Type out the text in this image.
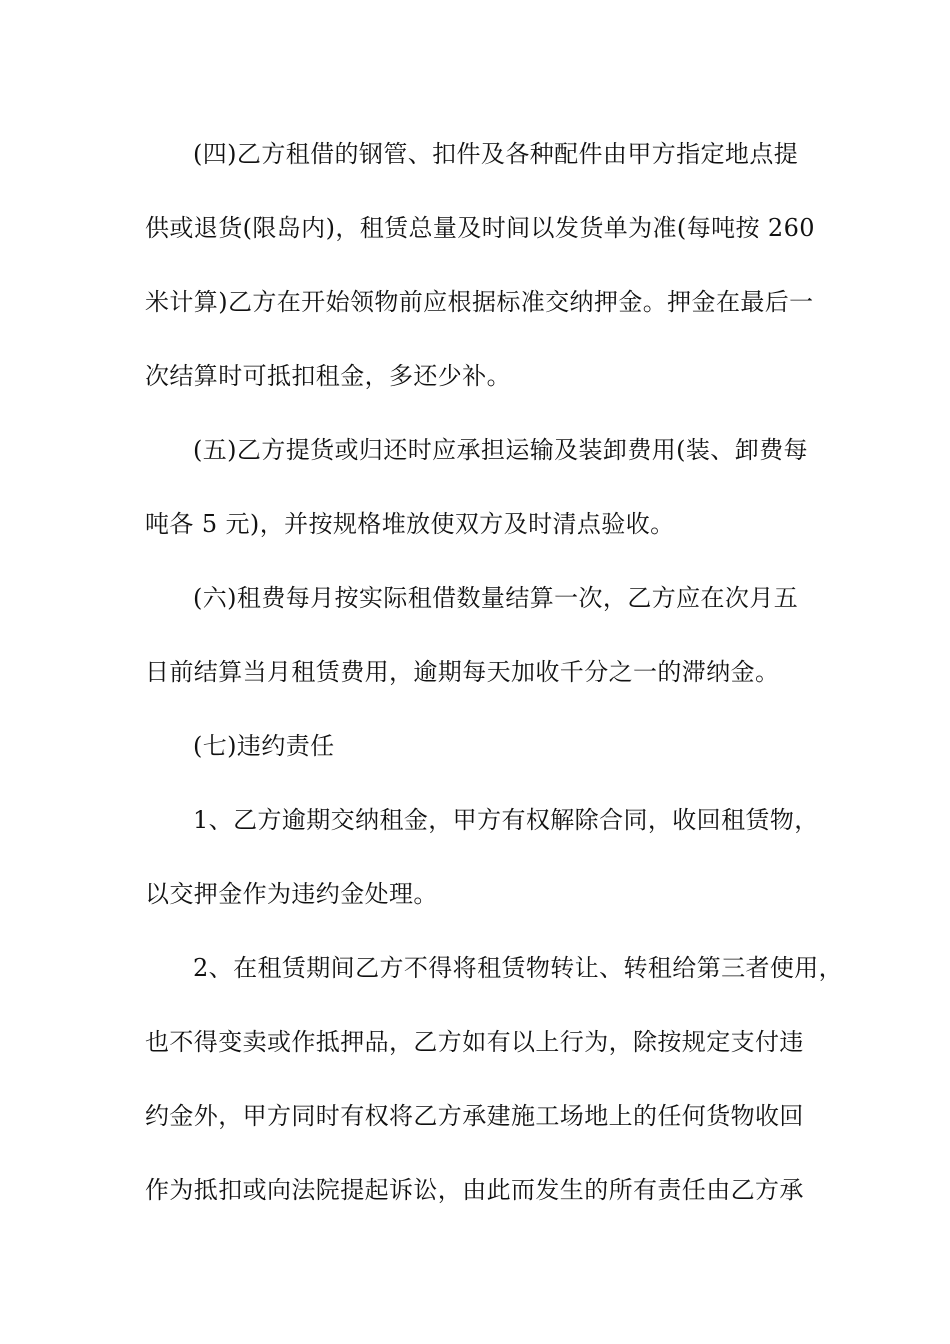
(四)乙方租借的钢管、扣件及各种配件由甲方指定地点提
供或退货(限岛内)，租赁总量及时间以发货单为准(每吨按 260
米计算)乙方在开始领物前应根据标准交纳押金。押金在最后一
次结算时可抵扣租金，多还少补。
(五)乙方提货或归还时应承担运输及装卸费用(装、卸费每
吨各 5 元)，并按规格堆放使双方及时清点验收。
(六)租费每月按实际租借数量结算一次，乙方应在次月五
日前结算当月租赁费用，逾期每天加收千分之一的滞纳金。
(七)违约责任
1、乙方逾期交纳租金，甲方有权解除合同，收回租赁物，
以交押金作为违约金处理。
2、在租赁期间乙方不得将租赁物转让、转租给第三者使用，
也不得变卖或作抵押品，乙方如有以上行为，除按规定支付违
约金外，甲方同时有权将乙方承建施工场地上的任何货物收回
作为抵扣或向法院提起诉讼，由此而发生的所有责任由乙方承
